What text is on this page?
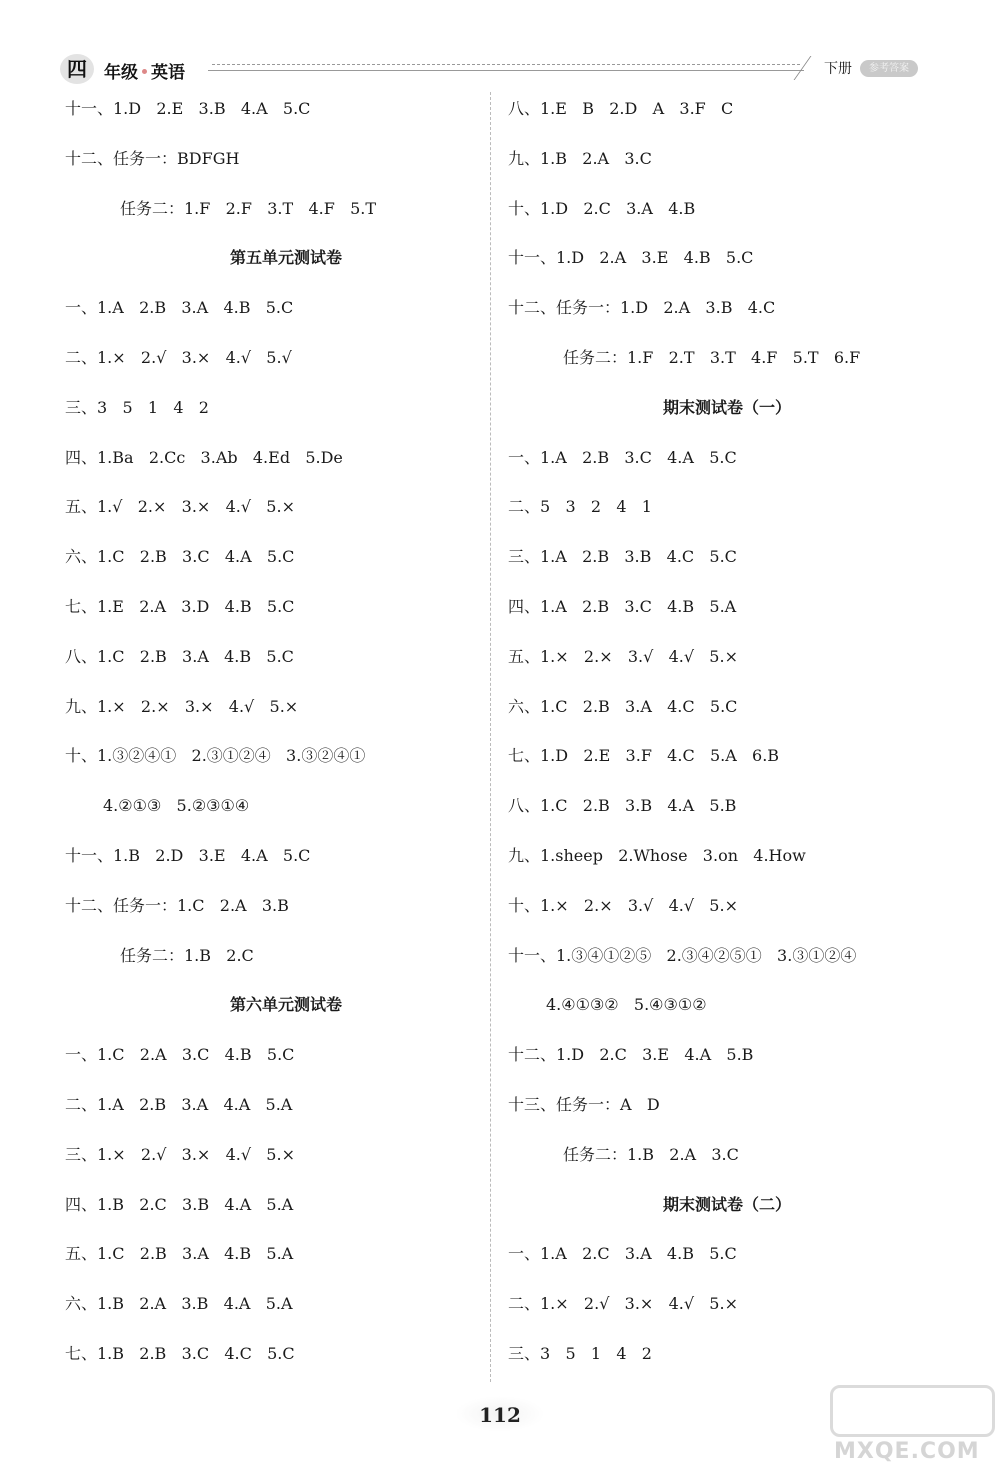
四	年级 英语	下册	参考答案
十一、1.D   2.E   3.B   4.A   5.C
十二、任务一：BDFGH
任务二：1.F   2.F   3.T   4.F   5.T
第五单元测试卷
一、1.A   2.B   3.A   4.B   5.C
二、1.×   2.√   3.×   4.√   5.√
三、3   5   1   4   2
四、1.Ba   2.Cc   3.Ab   4.Ed   5.De
五、1.√   2.×   3.×   4.√   5.×
六、1.C   2.B   3.C   4.A   5.C
七、1.E   2.A   3.D   4.B   5.C
八、1.C   2.B   3.A   4.B   5.C
九、1.×   2.×   3.×   4.√   5.×
十、1.③②④①   2.③①②④   3.③②④①
4.②①③   5.②③①④
十一、1.B   2.D   3.E   4.A   5.C
十二、任务一：1.C   2.A   3.B
任务二：1.B   2.C
第六单元测试卷
一、1.C   2.A   3.C   4.B   5.C
二、1.A   2.B   3.A   4.A   5.A
三、1.×   2.√   3.×   4.√   5.×
四、1.B   2.C   3.B   4.A   5.A
五、1.C   2.B   3.A   4.B   5.A
六、1.B   2.A   3.B   4.A   5.A
七、1.B   2.B   3.C   4.C   5.C
八、1.E   B   2.D   A   3.F   C
九、1.B   2.A   3.C
十、1.D   2.C   3.A   4.B
十一、1.D   2.A   3.E   4.B   5.C
十二、任务一：1.D   2.A   3.B   4.C
任务二：1.F   2.T   3.T   4.F   5.T   6.F
期末测试卷（一）
一、1.A   2.B   3.C   4.A   5.C
二、5   3   2   4   1
三、1.A   2.B   3.B   4.C   5.C
四、1.A   2.B   3.C   4.B   5.A
五、1.×   2.×   3.√   4.√   5.×
六、1.C   2.B   3.A   4.C   5.C
七、1.D   2.E   3.F   4.C   5.A   6.B
八、1.C   2.B   3.B   4.A   5.B
九、1.sheep   2.Whose   3.on   4.How
十、1.×   2.×   3.√   4.√   5.×
十一、1.③④①②⑤   2.③④②⑤①   3.③①②④
4.④①③②   5.④③①②
十二、1.D   2.C   3.E   4.A   5.B
十三、任务一：A   D
任务二：1.B   2.A   3.C
期末测试卷（二）
一、1.A   2.C   3.A   4.B   5.C
二、1.×   2.√   3.×   4.√   5.×
三、3   5   1   4   2
112
MXQE.COM
